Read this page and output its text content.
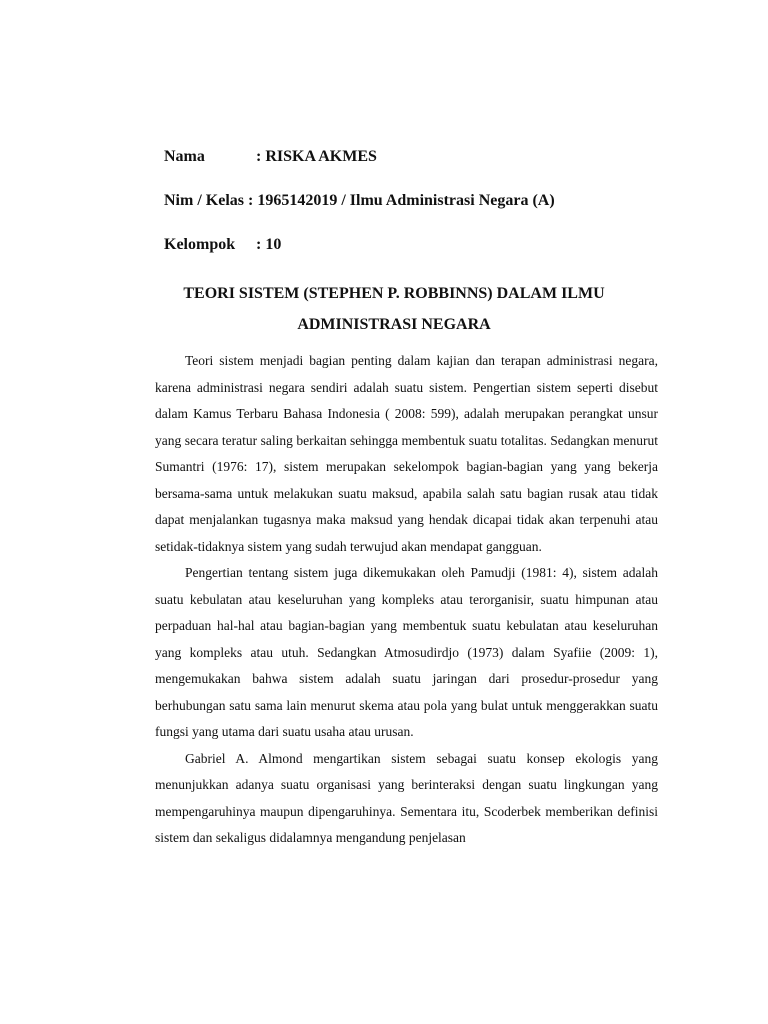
Nama	: RISKA AKMES
Nim / Kelas : 1965142019 / Ilmu Administrasi Negara (A)
Kelompok : 10
TEORI SISTEM (STEPHEN P. ROBBINNS) DALAM ILMU ADMINISTRASI NEGARA

Teori sistem menjadi bagian penting dalam kajian dan terapan administrasi negara, karena administrasi negara sendiri adalah suatu sistem. Pengertian sistem seperti disebut dalam Kamus Terbaru Bahasa Indonesia ( 2008: 599), adalah merupakan perangkat unsur yang secara teratur saling berkaitan sehingga membentuk suatu totalitas. Sedangkan menurut Sumantri (1976: 17), sistem merupakan sekelompok bagian-bagian yang yang bekerja bersama-sama untuk melakukan suatu maksud, apabila salah satu bagian rusak atau tidak dapat menjalankan tugasnya maka maksud yang hendak dicapai tidak akan terpenuhi atau setidak-tidaknya sistem yang sudah terwujud akan mendapat gangguan.

Pengertian tentang sistem juga dikemukakan oleh Pamudji (1981: 4), sistem adalah suatu kebulatan atau keseluruhan yang kompleks atau terorganisir, suatu himpunan atau perpaduan hal-hal atau bagian-bagian yang membentuk suatu kebulatan atau keseluruhan yang kompleks atau utuh. Sedangkan Atmosudirdjo (1973) dalam Syafiie (2009: 1), mengemukakan bahwa sistem adalah suatu jaringan dari prosedur-prosedur yang berhubungan satu sama lain menurut skema atau pola yang bulat untuk menggerakkan suatu fungsi yang utama dari suatu usaha atau urusan.

Gabriel A. Almond mengartikan sistem sebagai suatu konsep ekologis yang menunjukkan adanya suatu organisasi yang berinteraksi dengan suatu lingkungan yang mempengaruhinya maupun dipengaruhinya. Sementara itu, Scoderbek memberikan definisi sistem dan sekaligus didalamnya mengandung penjelasan
